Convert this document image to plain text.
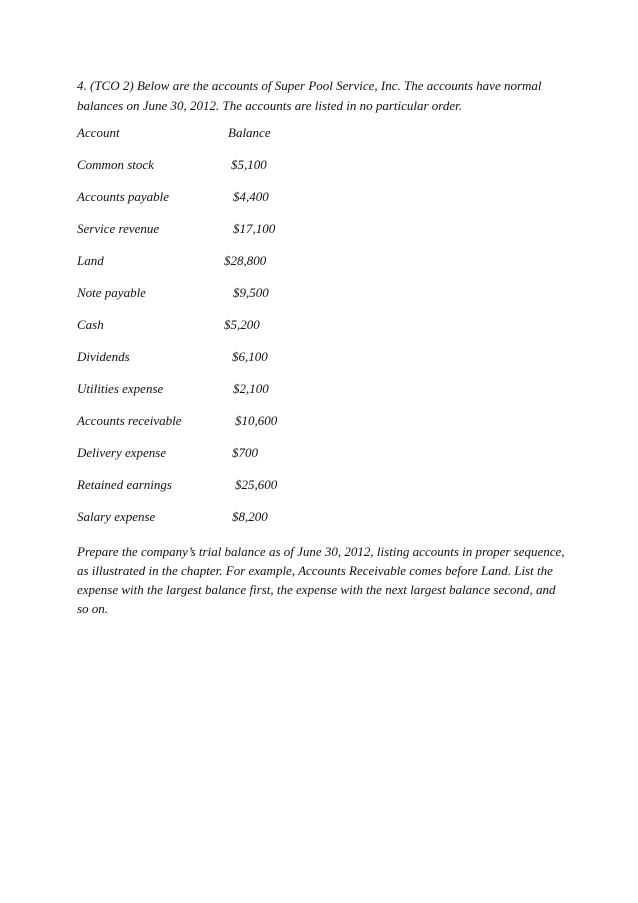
4. (TCO 2) Below are the accounts of Super Pool Service, Inc. The accounts have normal balances on June 30, 2012. The accounts are listed in no particular order.

Account	Balance
Common stock	$5,100
Accounts payable	$4,400
Service revenue	$17,100
Land	$28,800
Note payable	$9,500
Cash	$5,200
Dividends	$6,100
Utilities expense	$2,100
Accounts receivable	$10,600
Delivery expense	$700
Retained earnings	$25,600
Salary expense	$8,200

Prepare the company’s trial balance as of June 30, 2012, listing accounts in proper sequence, as illustrated in the chapter. For example, Accounts Receivable comes before Land. List the expense with the largest balance first, the expense with the next largest balance second, and so on.
